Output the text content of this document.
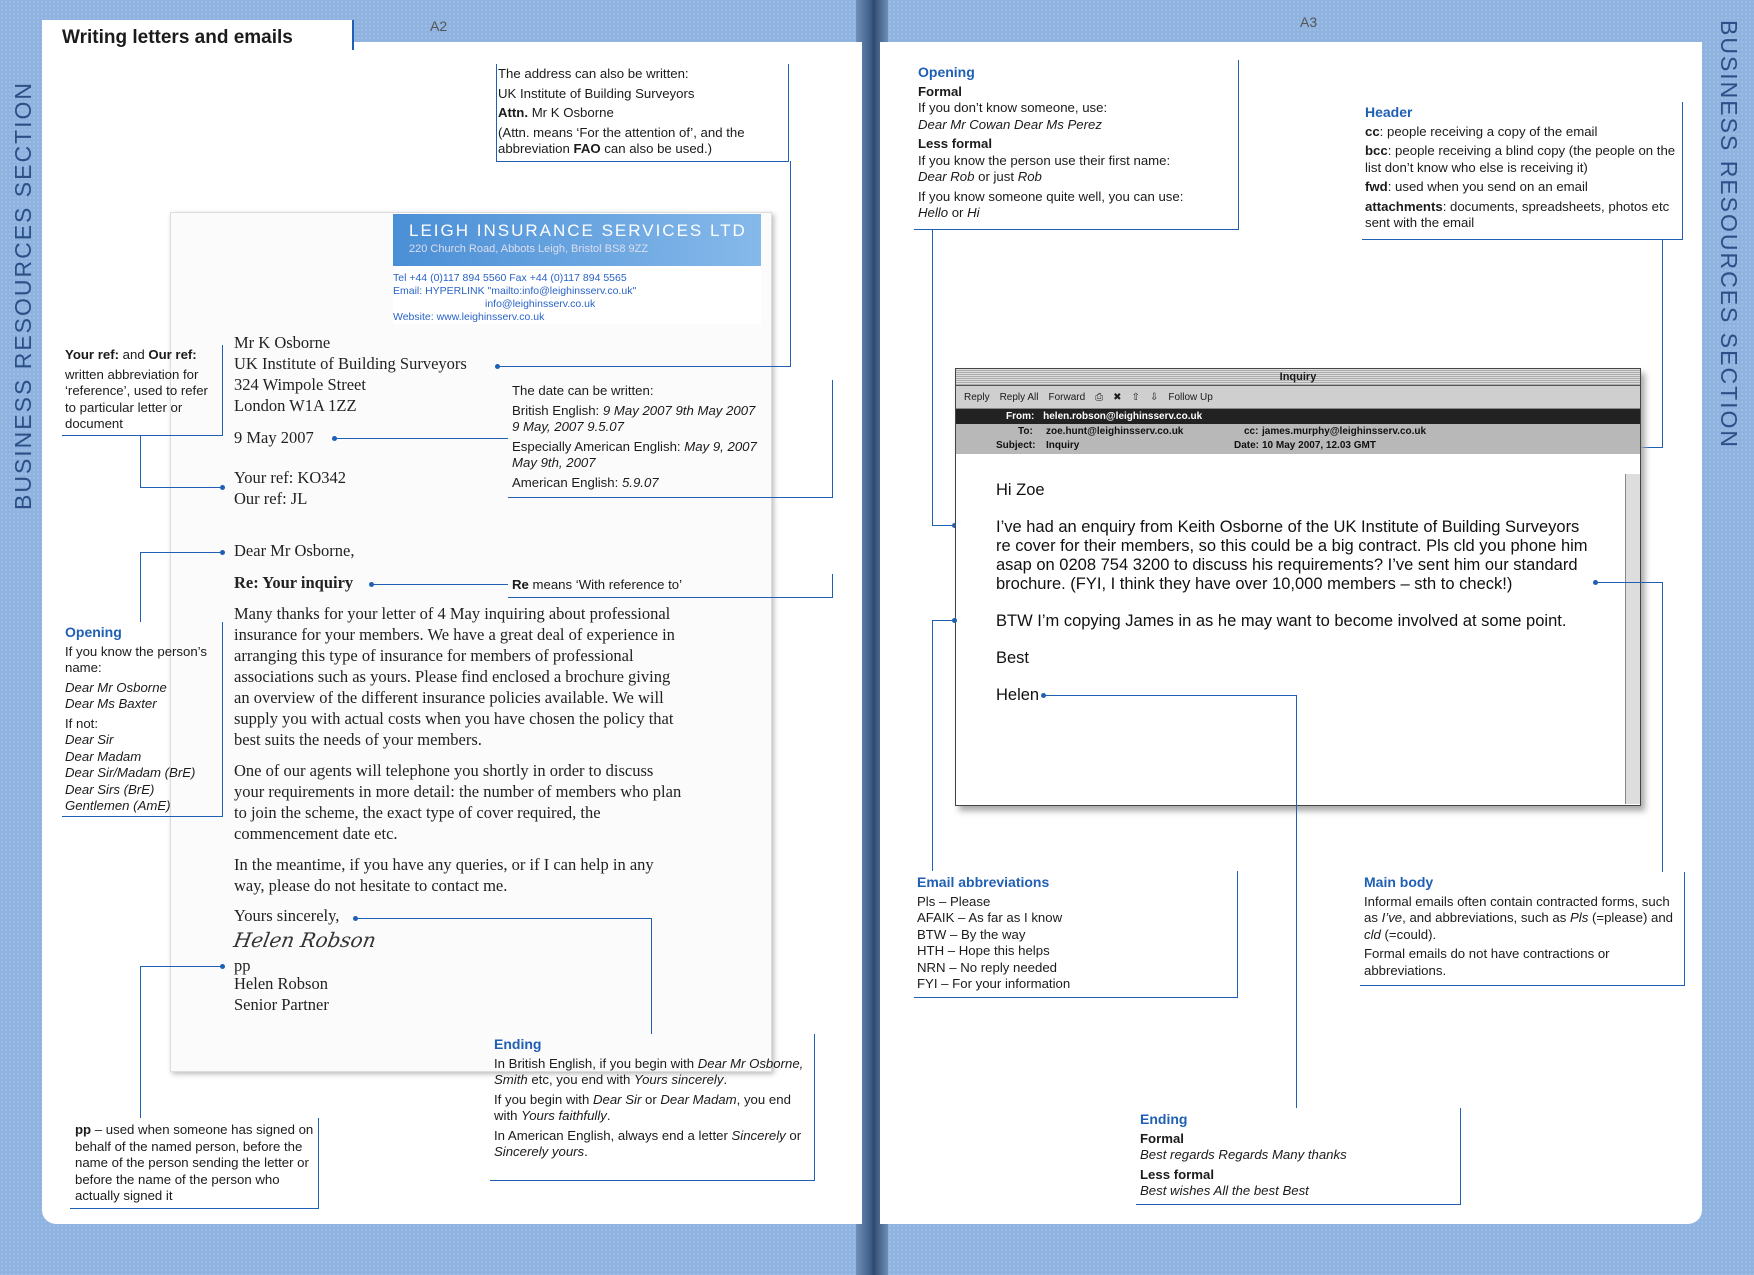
BUSINESS RESOURCES SECTION	BUSINESS RESOURCES SECTION
Writing letters and emails
A2
LEIGH INSURANCE SERVICES LTD
220 Church Road, Abbots Leigh, Bristol BS8 9ZZ
Tel +44 (0)117 894 5560 Fax +44 (0)117 894 5565
Email: HYPERLINK "mailto:info@leighinsserv.co.uk"
info@leighinsserv.co.uk
Website: www.leighinsserv.co.uk
Mr K Osborne
UK Institute of Building Surveyors
324 Wimpole Street
London W1A 1ZZ
9 May 2007
Your ref: KO342
Our ref: JL
Dear Mr Osborne,
Re: Your inquiry

Many thanks for your letter of 4 May inquiring about professional insurance for your members. We have a great deal of experience in arranging this type of insurance for members of professional associations such as yours. Please find enclosed a brochure giving an overview of the different insurance policies available. We will supply you with actual costs when you have chosen the policy that best suits the needs of your members.

One of our agents will telephone you shortly in order to discuss your requirements in more detail: the number of members who plan to join the scheme, the exact type of cover required, the commencement date etc.

In the meantime, if you have any queries, or if I can help in any way, please do not hesitate to contact me.

Yours sincerely,
Helen Robson
pp
Helen Robson
Senior Partner

The address can also be written:

UK Institute of Building Surveyors

Attn. Mr K Osborne

(Attn. means ‘For the attention of’, and the abbreviation FAO can also be used.)

Your ref: and Our ref:

written abbreviation for ‘reference’, used to refer to particular letter or document

The date can be written:

British English: 9 May 2007 9th May 2007

9 May, 2007 9.5.07

Especially American English: May 9, 2007

May 9th, 2007

American English: 5.9.07

Re means ‘With reference to’

Opening

If you know the person’s name:

Dear Mr Osborne

Dear Ms Baxter

If not:

Dear Sir

Dear Madam

Dear Sir/Madam (BrE)

Dear Sirs (BrE)

Gentlemen (AmE)

Ending

In British English, if you begin with Dear Mr Osborne, Smith etc, you end with Yours sincerely.

If you begin with Dear Sir or Dear Madam, you end with Yours faithfully.

In American English, always end a letter Sincerely or Sincerely yours.

pp – used when someone has signed on behalf of the named person, before the name of the person sending the letter or before the name of the person who actually signed it

A3

Opening

Formal

If you don’t know someone, use:

Dear Mr Cowan Dear Ms Perez

Less formal

If you know the person use their first name:

Dear Rob or just Rob

If you know someone quite well, you can use:

Hello or Hi

Header

cc: people receiving a copy of the email

bcc: people receiving a blind copy (the people on the list don’t know who else is receiving it)

fwd: used when you send on an email

attachments: documents, spreadsheets, photos etc sent with the email

Inquiry
Reply Reply All Forward ⎙ ✖ ⇧ ⇩ Follow Up
From: helen.robson@leighinsserv.co.uk
To: zoe.hunt@leighinsserv.co.uk	cc: james.murphy@leighinsserv.co.uk
Subject: Inquiry	Date: 10 May 2007, 12.03 GMT

Hi Zoe

I’ve had an enquiry from Keith Osborne of the UK Institute of Building Surveyors re cover for their members, so this could be a big contract. Pls cld you phone him asap on 0208 754 3200 to discuss his requirements? I’ve sent him our standard brochure. (FYI, I think they have over 10,000 members – sth to check!)

BTW I’m copying James in as he may want to become involved at some point.

Best

Helen

Email abbreviations

Pls – Please

AFAIK – As far as I know

BTW – By the way

HTH – Hope this helps

NRN – No reply needed

FYI – For your information

Main body

Informal emails often contain contracted forms, such as I’ve, and abbreviations, such as Pls (=please) and cld (=could).

Formal emails do not have contractions or abbreviations.

Ending

Formal

Best regards Regards Many thanks

Less formal

Best wishes All the best Best
